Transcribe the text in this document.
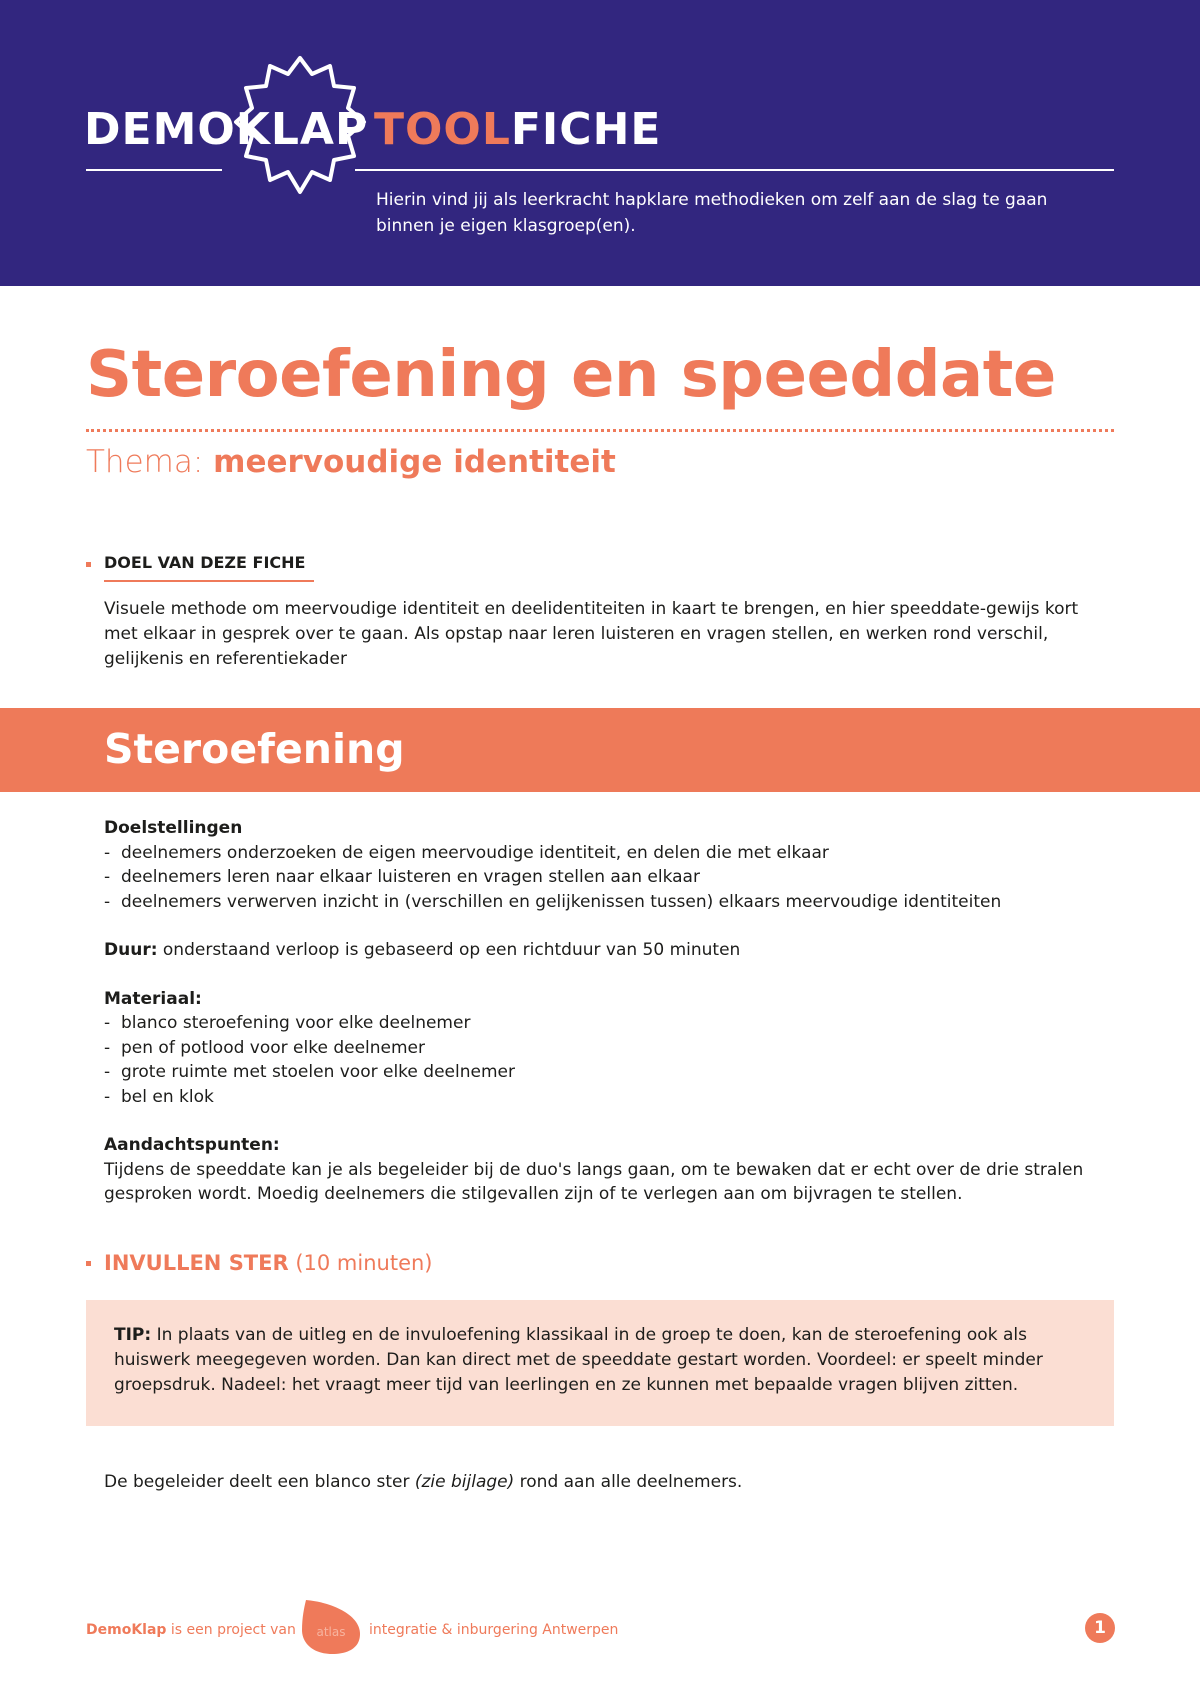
DEMOKLAP TOOLFICHE
Hierin vind jij als leerkracht hapklare methodieken om zelf aan de slag te gaan binnen je eigen klasgroep(en).
Steroefening en speeddate
Thema: meervoudige identiteit
DOEL VAN DEZE FICHE
Visuele methode om meervoudige identiteit en deelidentiteiten in kaart te brengen, en hier speeddate-gewijs kort met elkaar in gesprek over te gaan. Als opstap naar leren luisteren en vragen stellen, en werken rond verschil, gelijkenis en referentiekader
Steroefening
Doelstellingen
- deelnemers onderzoeken de eigen meervoudige identiteit, en delen die met elkaar
- deelnemers leren naar elkaar luisteren en vragen stellen aan elkaar
- deelnemers verwerven inzicht in (verschillen en gelijkenissen tussen) elkaars meervoudige identiteiten
Duur: onderstaand verloop is gebaseerd op een richtduur van 50 minuten
Materiaal:
- blanco steroefening voor elke deelnemer
- pen of potlood voor elke deelnemer
- grote ruimte met stoelen voor elke deelnemer
- bel en klok
Aandachtspunten:
Tijdens de speeddate kan je als begeleider bij de duo's langs gaan, om te bewaken dat er echt over de drie stralen gesproken wordt. Moedig deelnemers die stilgevallen zijn of te verlegen aan om bijvragen te stellen.
INVULLEN STER (10 minuten)
TIP: In plaats van de uitleg en de invuloefening klassikaal in de groep te doen, kan de steroefening ook als huiswerk meegegeven worden. Dan kan direct met de speeddate gestart worden. Voordeel: er speelt minder groepsdruk. Nadeel: het vraagt meer tijd van leerlingen en ze kunnen met bepaalde vragen blijven zitten.
De begeleider deelt een blanco ster (zie bijlage) rond aan alle deelnemers.
DemoKlap is een project van atlas integratie & inburgering Antwerpen	1
